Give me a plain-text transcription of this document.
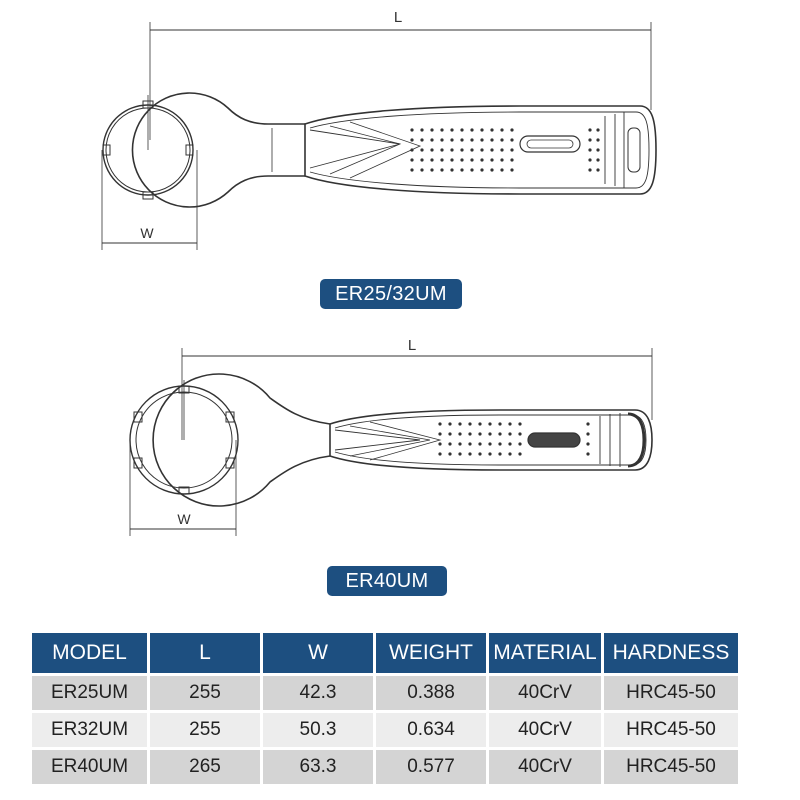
L
W
L
W
ER25/32UM
ER40UM
MODEL	L	W	WEIGHT	MATERIAL	HARDNESS
ER25UM	255	42.3	0.388	40CrV	HRC45-50
ER32UM	255	50.3	0.634	40CrV	HRC45-50
ER40UM	265	63.3	0.577	40CrV	HRC45-50
